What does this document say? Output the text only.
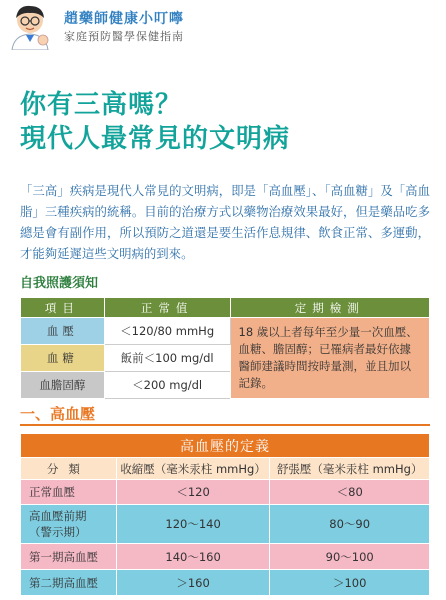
趙藥師健康小叮嚀
家庭預防醫學保健指南
你有三高嗎？
現代人最常見的文明病

「三高」疾病是現代人常見的文明病，即是「高血壓」、「高血糖」及「高血脂」三種疾病的統稱。目前的治療方式以藥物治療效果最好，但是藥品吃多總是會有副作用，所以預防之道還是要生活作息規律、飲食正常、多運動，才能夠延遲這些文明病的到來。

自我照護須知
項目	正常值	定期檢測
血壓	＜120/80 mmHg	18 歲以上者每年至少量一次血壓、血糖、膽固醇；已罹病者最好依據醫師建議時間按時量測，並且加以記錄。
血糖	飯前＜100 mg/dl	
血膽固醇	＜200 mg/dl	
一、高血壓
高血壓的定義		
分類	收縮壓（毫米汞柱 mmHg）	舒張壓（毫米汞柱 mmHg）
正常血壓	＜120	＜80

高血壓前期
（警示期）	120～140	80～90
第一期高血壓	140～160	90～100
第二期高血壓	＞160	＞100
